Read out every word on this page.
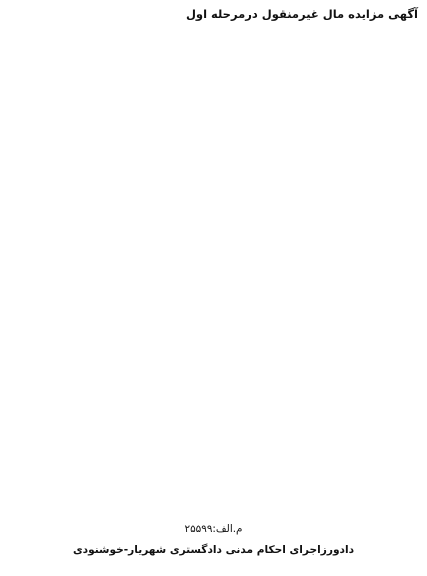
آگهی مزایده مال غیرمنقول درمرحله اول

م.الف:۲۵۵۹۹
دادورزاجرای احکام مدنی دادگستری شهریار-خوشنودی
